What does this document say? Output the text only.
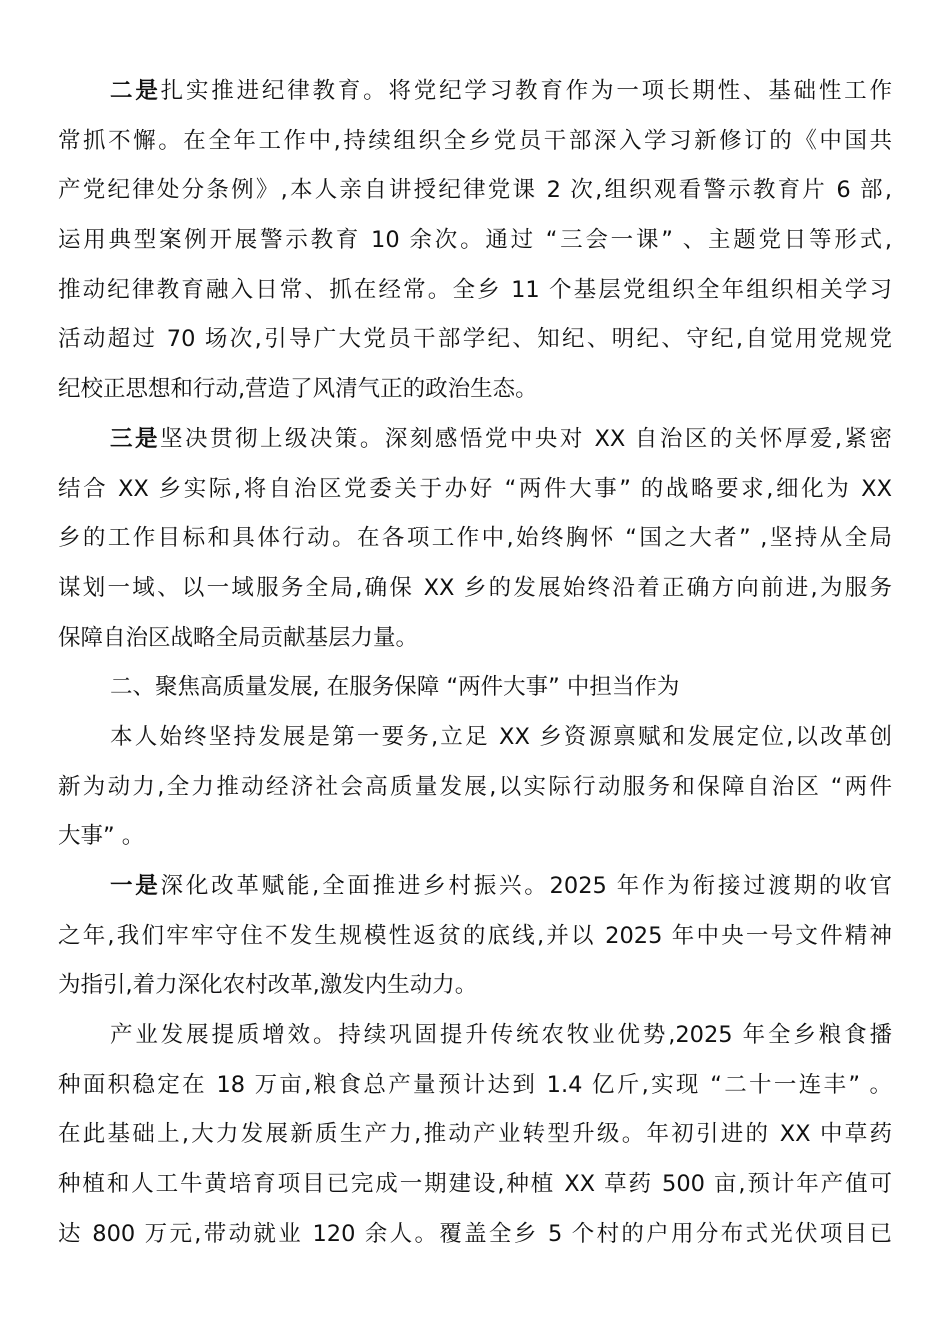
二是扎实推进纪律教育。将党纪学习教育作为一项长期性、基础性工作
常抓不懈。在全年工作中,持续组织全乡党员干部深入学习新修订的《中国共
产党纪律处分条例》,本人亲自讲授纪律党课 2 次,组织观看警示教育片 6 部,
运用典型案例开展警示教育 10 余次。通过 “三会一课” 、主题党日等形式,
推动纪律教育融入日常、抓在经常。全乡 11 个基层党组织全年组织相关学习
活动超过 70 场次,引导广大党员干部学纪、知纪、明纪、守纪,自觉用党规党
纪校正思想和行动,营造了风清气正的政治生态。
三是坚决贯彻上级决策。深刻感悟党中央对 XX 自治区的关怀厚爱,紧密
结合 XX 乡实际,将自治区党委关于办好 “两件大事” 的战略要求,细化为 XX
乡的工作目标和具体行动。在各项工作中,始终胸怀 “国之大者” ,坚持从全局
谋划一域、以一域服务全局,确保 XX 乡的发展始终沿着正确方向前进,为服务
保障自治区战略全局贡献基层力量。
二、聚焦高质量发展, 在服务保障 “两件大事” 中担当作为
本人始终坚持发展是第一要务,立足 XX 乡资源禀赋和发展定位,以改革创
新为动力,全力推动经济社会高质量发展,以实际行动服务和保障自治区 “两件
大事” 。
一是深化改革赋能,全面推进乡村振兴。2025 年作为衔接过渡期的收官
之年,我们牢牢守住不发生规模性返贫的底线,并以 2025 年中央一号文件精神
为指引,着力深化农村改革,激发内生动力。
产业发展提质增效。持续巩固提升传统农牧业优势,2025 年全乡粮食播
种面积稳定在 18 万亩,粮食总产量预计达到 1.4 亿斤,实现 “二十一连丰” 。
在此基础上,大力发展新质生产力,推动产业转型升级。年初引进的 XX 中草药
种植和人工牛黄培育项目已完成一期建设,种植 XX 草药 500 亩,预计年产值可
达 800 万元,带动就业 120 余人。覆盖全乡 5 个村的户用分布式光伏项目已
